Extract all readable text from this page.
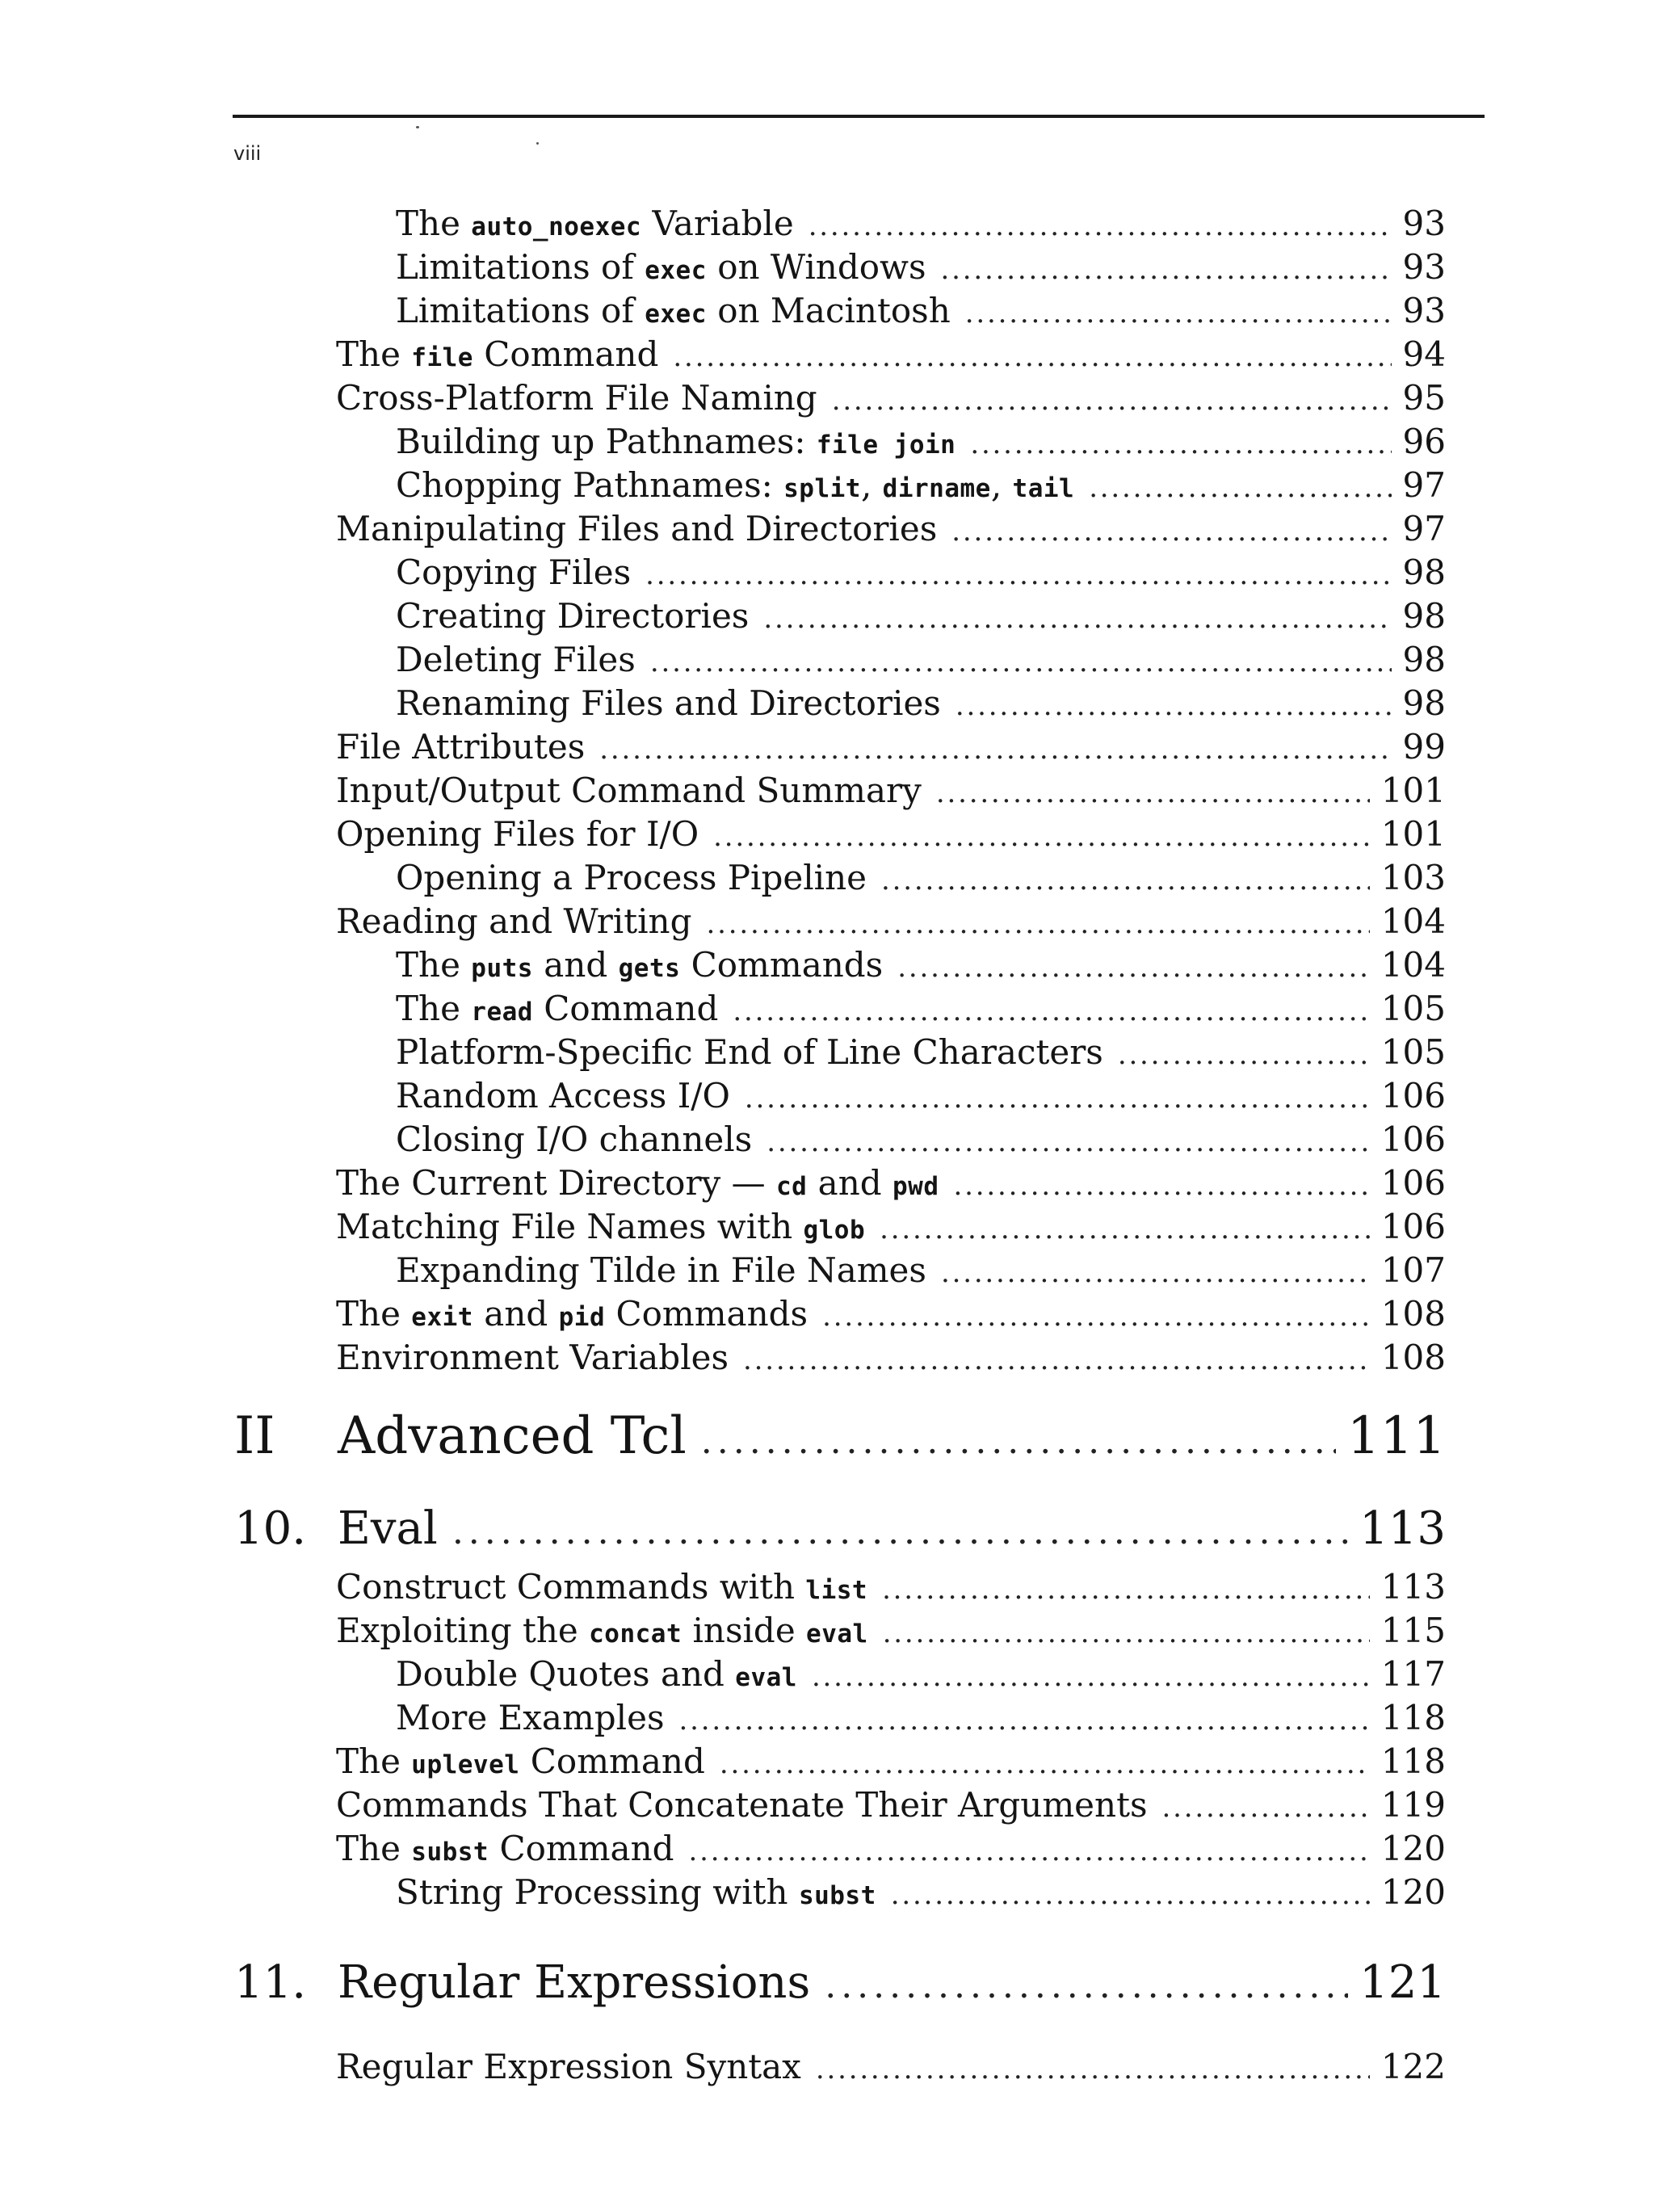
viii
The auto_noexec Variable . . .	93
Limitations of exec on Windows . . .	93
Limitations of exec on Macintosh . . .	93
The file Command . . .	94
Cross-Platform File Naming . . .	95
Building up Pathnames: file join . . .	96
Chopping Pathnames: split, dirname, tail . . .	97
Manipulating Files and Directories . . .	97
Copying Files . . .	98
Creating Directories . . .	98
Deleting Files . . .	98
Renaming Files and Directories . . .	98
File Attributes . . .	99
Input/Output Command Summary . . .	101
Opening Files for I/O . . .	101
Opening a Process Pipeline . . .	103
Reading and Writing . . .	104
The puts and gets Commands . . .	104
The read Command . . .	105
Platform-Specific End of Line Characters . . .	105
Random Access I/O . . .	106
Closing I/O channels . . .	106
The Current Directory — cd and pwd . . .	106
Matching File Names with glob . . .	106
Expanding Tilde in File Names . . .	107
The exit and pid Commands . . .	108
Environment Variables . . .	108
II Advanced Tcl . . .	111
10. Eval . . .	113
Construct Commands with list . . .	113
Exploiting the concat inside eval . . .	115
Double Quotes and eval . . .	117
More Examples . . .	118
The uplevel Command . . .	118
Commands That Concatenate Their Arguments . . .	119
The subst Command . . .	120
String Processing with subst . . .	120
11. Regular Expressions . . .	121
Regular Expression Syntax . . .	122
